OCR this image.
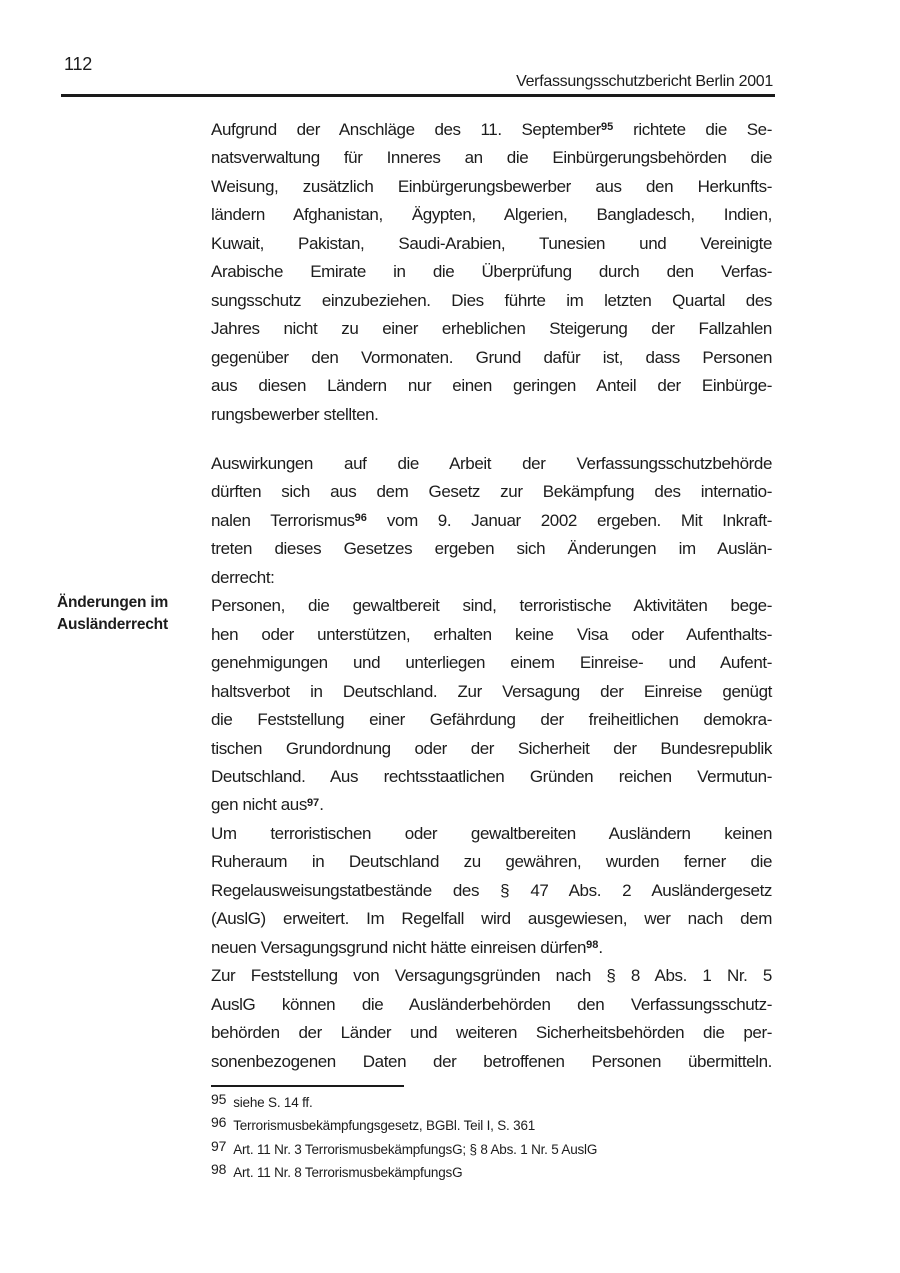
112
Verfassungsschutzbericht Berlin 2001
Änderungen im
Ausländerrecht
Aufgrund der Anschläge des 11. September$^{95}$ richtete die Se-
natsverwaltung für Inneres an die Einbürgerungsbehörden die
Weisung, zusätzlich Einbürgerungsbewerber aus den Herkunfts-
ländern Afghanistan, Ägypten, Algerien, Bangladesch, Indien,
Kuwait, Pakistan, Saudi-Arabien, Tunesien und Vereinigte
Arabische Emirate in die Überprüfung durch den Verfas-
sungsschutz einzubeziehen. Dies führte im letzten Quartal des
Jahres nicht zu einer erheblichen Steigerung der Fallzahlen
gegenüber den Vormonaten. Grund dafür ist, dass Personen
aus diesen Ländern nur einen geringen Anteil der Einbürge-
rungsbewerber stellten.
Auswirkungen auf die Arbeit der Verfassungsschutzbehörde
dürften sich aus dem Gesetz zur Bekämpfung des internatio-
nalen Terrorismus$^{96}$ vom 9. Januar 2002 ergeben. Mit Inkraft-
treten dieses Gesetzes ergeben sich Änderungen im Auslän-
derrecht:
Personen, die gewaltbereit sind, terroristische Aktivitäten bege-
hen oder unterstützen, erhalten keine Visa oder Aufenthalts-
genehmigungen und unterliegen einem Einreise- und Aufent-
haltsverbot in Deutschland. Zur Versagung der Einreise genügt
die Feststellung einer Gefährdung der freiheitlichen demokra-
tischen Grundordnung oder der Sicherheit der Bundesrepublik
Deutschland. Aus rechtsstaatlichen Gründen reichen Vermutun-
gen nicht aus$^{97}$.
Um terroristischen oder gewaltbereiten Ausländern keinen
Ruheraum in Deutschland zu gewähren, wurden ferner die
Regelausweisungstatbestände des § 47 Abs. 2 Ausländergesetz
(AuslG) erweitert. Im Regelfall wird ausgewiesen, wer nach dem
neuen Versagungsgrund nicht hätte einreisen dürfen$^{98}$.
Zur Feststellung von Versagungsgründen nach § 8 Abs. 1 Nr. 5
AuslG können die Ausländerbehörden den Verfassungsschutz-
behörden der Länder und weiteren Sicherheitsbehörden die per-
sonenbezogenen Daten der betroffenen Personen übermitteln.
95 siehe S. 14 ff.
96 Terrorismusbekämpfungsgesetz, BGBl. Teil I, S. 361
97 Art. 11 Nr. 3 TerrorismusbekämpfungsG; § 8 Abs. 1 Nr. 5 AuslG
98 Art. 11 Nr. 8 TerrorismusbekämpfungsG
